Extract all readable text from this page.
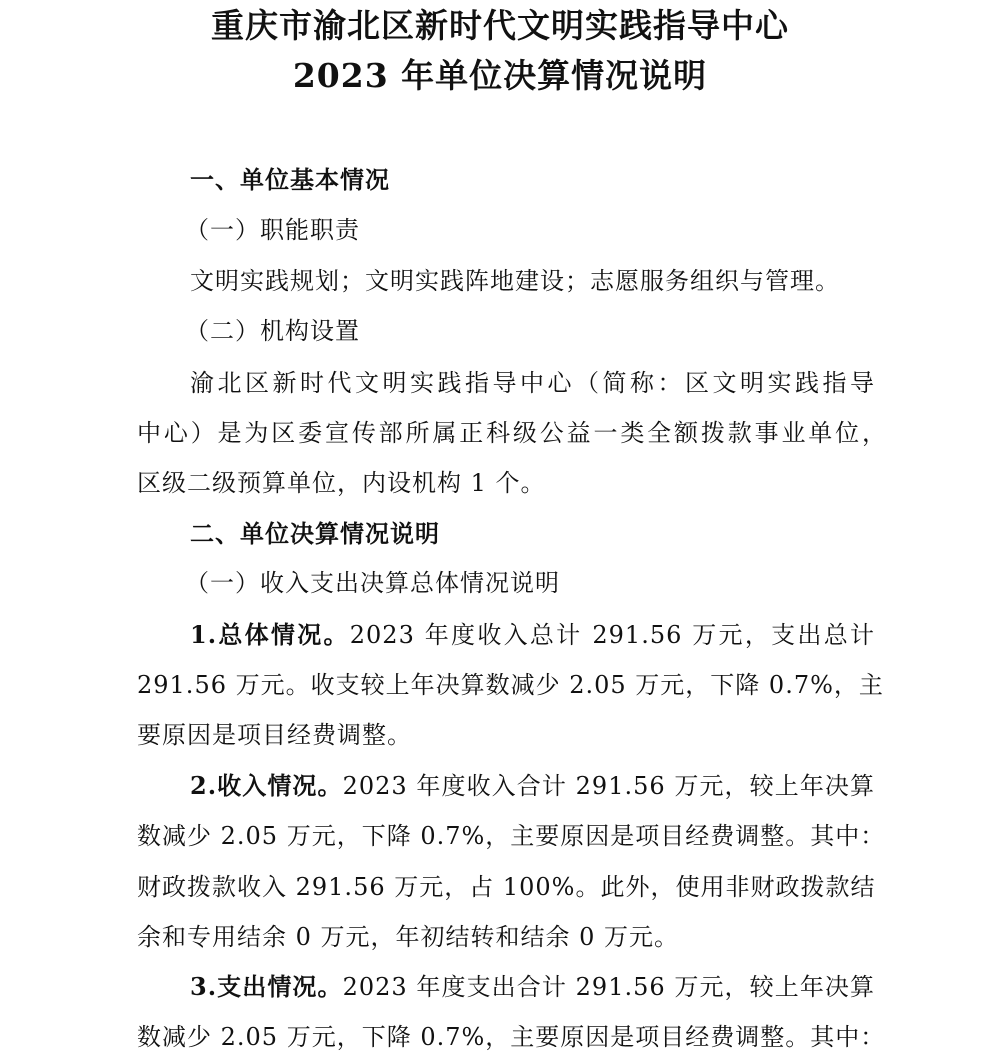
重庆市渝北区新时代文明实践指导中心
2023 年单位决算情况说明
一、单位基本情况
（一）职能职责
文明实践规划；文明实践阵地建设；志愿服务组织与管理。
（二）机构设置
渝北区新时代文明实践指导中心（简称：区文明实践指导
中心）是为区委宣传部所属正科级公益一类全额拨款事业单位，
区级二级预算单位，内设机构 1 个。
二、单位决算情况说明
（一）收入支出决算总体情况说明
1.总体情况。2023 年度收入总计 291.56 万元，支出总计
291.56 万元。收支较上年决算数减少 2.05 万元，下降 0.7%，主
要原因是项目经费调整。
2.收入情况。2023 年度收入合计 291.56 万元，较上年决算
数减少 2.05 万元，下降 0.7%，主要原因是项目经费调整。其中：
财政拨款收入 291.56 万元，占 100%。此外，使用非财政拨款结
余和专用结余 0 万元，年初结转和结余 0 万元。
3.支出情况。2023 年度支出合计 291.56 万元，较上年决算
数减少 2.05 万元，下降 0.7%，主要原因是项目经费调整。其中：
